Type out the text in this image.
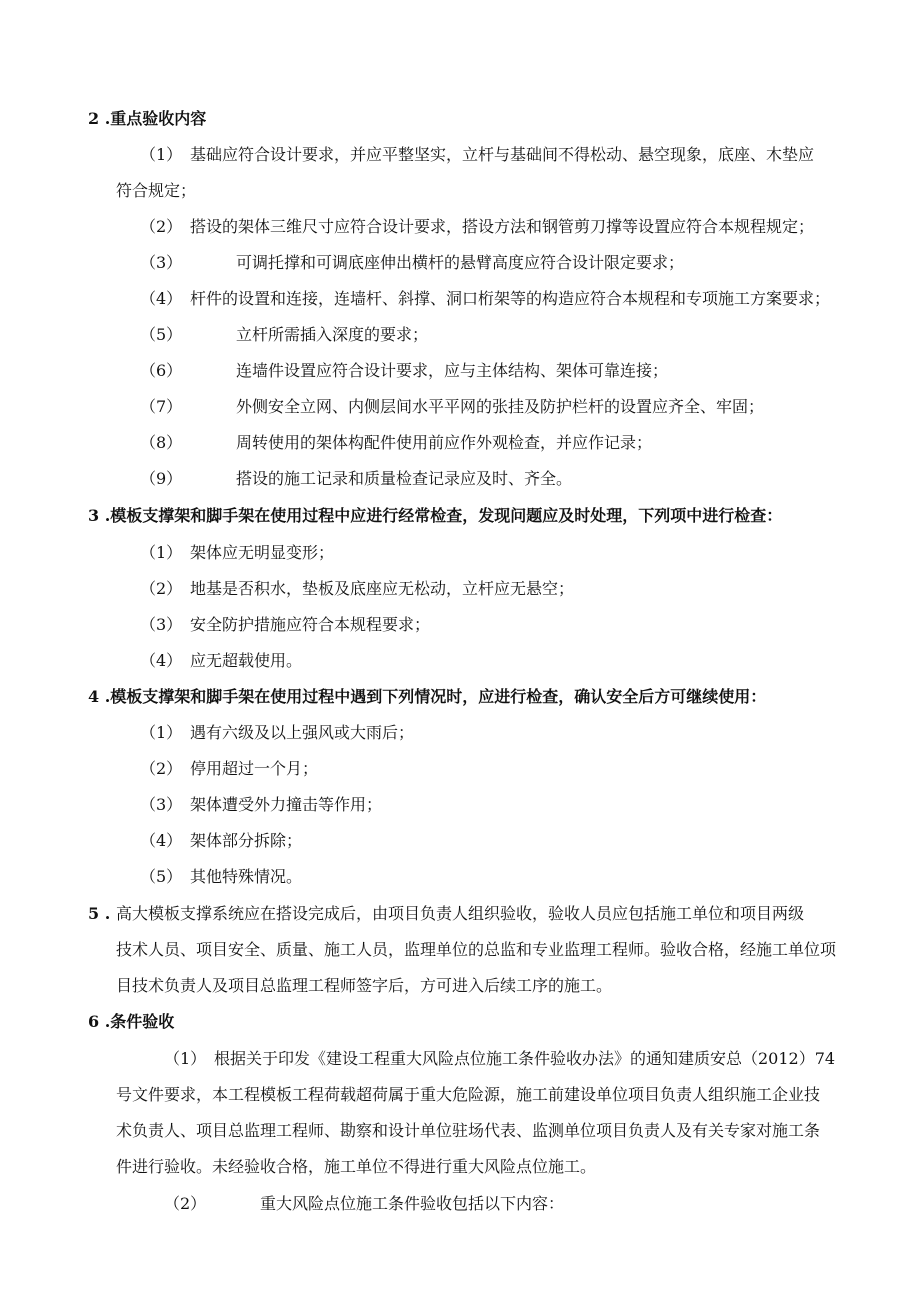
2 .重点验收内容
（1） 基础应符合设计要求，并应平整坚实，立杆与基础间不得松动、悬空现象，底座、木垫应
符合规定；
（2） 搭设的架体三维尺寸应符合设计要求，搭设方法和钢管剪刀撑等设置应符合本规程规定；
（3）	可调托撑和可调底座伸出横杆的悬臂高度应符合设计限定要求；
（4） 杆件的设置和连接，连墙杆、斜撑、洞口桁架等的构造应符合本规程和专项施工方案要求；
（5）	立杆所需插入深度的要求；
（6）	连墙件设置应符合设计要求，应与主体结构、架体可靠连接；
（7）	外侧安全立网、内侧层间水平平网的张挂及防护栏杆的设置应齐全、牢固；
（8）	周转使用的架体构配件使用前应作外观检查，并应作记录；
（9）	搭设的施工记录和质量检查记录应及时、齐全。
3 .模板支撑架和脚手架在使用过程中应进行经常检查，发现问题应及时处理，下列项中进行检查：
（1） 架体应无明显变形；
（2） 地基是否积水，垫板及底座应无松动，立杆应无悬空；
（3） 安全防护措施应符合本规程要求；
（4） 应无超载使用。
4 .模板支撑架和脚手架在使用过程中遇到下列情况时，应进行检查，确认安全后方可继续使用：
（1） 遇有六级及以上强风或大雨后；
（2） 停用超过一个月；
（3） 架体遭受外力撞击等作用；
（4） 架体部分拆除；
（5） 其他特殊情况。
5 . 高大模板支撑系统应在搭设完成后，由项目负责人组织验收，验收人员应包括施工单位和项目两级
技术人员、项目安全、质量、施工人员，监理单位的总监和专业监理工程师。验收合格，经施工单位项
目技术负责人及项目总监理工程师签字后，方可进入后续工序的施工。
6 .条件验收
（1） 根据关于印发《建设工程重大风险点位施工条件验收办法》的通知建质安总（2012）74
号文件要求，本工程模板工程荷载超荷属于重大危险源，施工前建设单位项目负责人组织施工企业技
术负责人、项目总监理工程师、勘察和设计单位驻场代表、监测单位项目负责人及有关专家对施工条
件进行验收。未经验收合格，施工单位不得进行重大风险点位施工。
（2）	重大风险点位施工条件验收包括以下内容：
